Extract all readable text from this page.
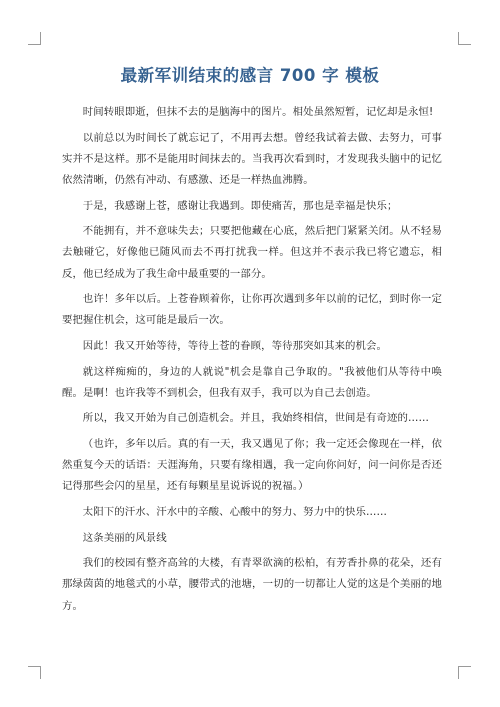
最新军训结束的感言 700 字 模板

时间转眼即逝，但抹不去的是脑海中的图片。相处虽然短暂，记忆却是永恒!

以前总以为时间长了就忘记了，不用再去想。曾经我试着去做、去努力，可事实并不是这样。那不是能用时间抹去的。当我再次看到时，才发现我头脑中的记忆依然清晰，仍然有冲动、有感激、还是一样热血沸腾。

于是，我感谢上苍，感谢让我遇到。即使痛苦，那也是幸福是快乐；

不能拥有，并不意味失去；只要把他藏在心底，然后把门紧紧关闭。从不轻易去触碰它，好像他已随风而去不再打扰我一样。但这并不表示我已将它遗忘，相反，他已经成为了我生命中最重要的一部分。

也许！多年以后。上苍眷顾着你，让你再次遇到多年以前的记忆，到时你一定要把握住机会，这可能是最后一次。

因此！我又开始等待，等待上苍的眷顾，等待那突如其来的机会。

就这样痴痴的，身边的人就说"机会是靠自己争取的。"我被他们从等待中唤醒。是啊！也许我等不到机会，但我有双手，我可以为自己去创造。

所以，我又开始为自己创造机会。并且，我始终相信，世间是有奇迹的……

（也许，多年以后。真的有一天，我又遇见了你；我一定还会像现在一样，依然重复今天的话语：天涯海角，只要有缘相遇，我一定向你问好，问一问你是否还记得那些会闪的星星，还有每颗星星说诉说的祝福。）

太阳下的汗水、汗水中的辛酸、心酸中的努力、努力中的快乐……

这条美丽的风景线

我们的校园有整齐高耸的大楼，有青翠欲滴的松柏，有芳香扑鼻的花朵，还有那绿茵茵的地毯式的小草，腰带式的池塘，一切的一切都让人觉的这是个美丽的地方。
